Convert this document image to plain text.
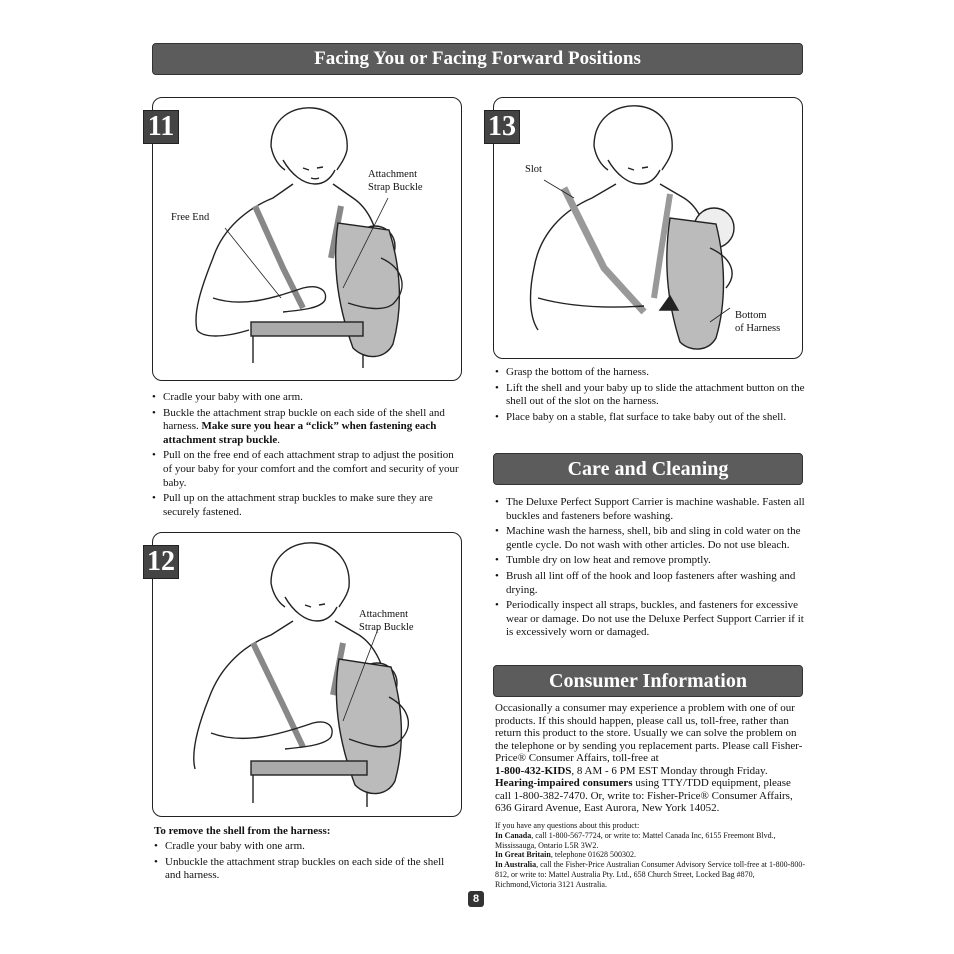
Facing You or Facing Forward Positions
11
Attachment
Strap Buckle
Free End
• Cradle your baby with one arm.
• Buckle the attachment strap buckle on each side of the shell and harness. Make sure you hear a “click” when fastening each attachment strap buckle.
• Pull on the free end of each attachment strap to adjust the position of your baby for your comfort and the comfort and security of your baby.
• Pull up on the attachment strap buckles to make sure they are securely fastened.
12
Attachment
Strap Buckle
To remove the shell from the harness:
• Cradle your baby with one arm.
• Unbuckle the attachment strap buckles on each side of the shell and harness.
13
Slot
Bottom
of Harness
• Grasp the bottom of the harness.
• Lift the shell and your baby up to slide the attachment button on the shell out of the slot on the harness.
• Place baby on a stable, flat surface to take baby out of the shell.
Care and Cleaning
• The Deluxe Perfect Support Carrier is machine washable. Fasten all buckles and fasteners before washing.
• Machine wash the harness, shell, bib and sling in cold water on the gentle cycle. Do not wash with other articles. Do not use bleach.
• Tumble dry on low heat and remove promptly.
• Brush all lint off of the hook and loop fasteners after washing and drying.
• Periodically inspect all straps, buckles, and fasteners for excessive wear or damage. Do not use the Deluxe Perfect Support Carrier if it is excessively worn or damaged.
Consumer Information
Occasionally a consumer may experience a problem with one of our products. If this should happen, please call us, toll-free, rather than return this product to the store. Usually we can solve the problem on the telephone or by sending you replacement parts. Please call Fisher-Price® Consumer Affairs, toll-free at
1-800-432-KIDS, 8 AM - 6 PM EST Monday through Friday.
Hearing-impaired consumers using TTY/TDD equipment, please call 1-800-382-7470. Or, write to: Fisher-Price® Consumer Affairs, 636 Girard Avenue, East Aurora, New York 14052.
If you have any questions about this product:
In Canada, call 1-800-567-7724, or write to: Mattel Canada Inc, 6155 Freemont Blvd., Mississauga, Ontario L5R 3W2.
In Great Britain, telephone 01628 500302.
In Australia, call the Fisher-Price Australian Consumer Advisory Service toll-free at 1-800-800-812, or write to: Mattel Australia Pty. Ltd., 658 Church Street, Locked Bag #870, Richmond,Victoria 3121 Australia.
8
